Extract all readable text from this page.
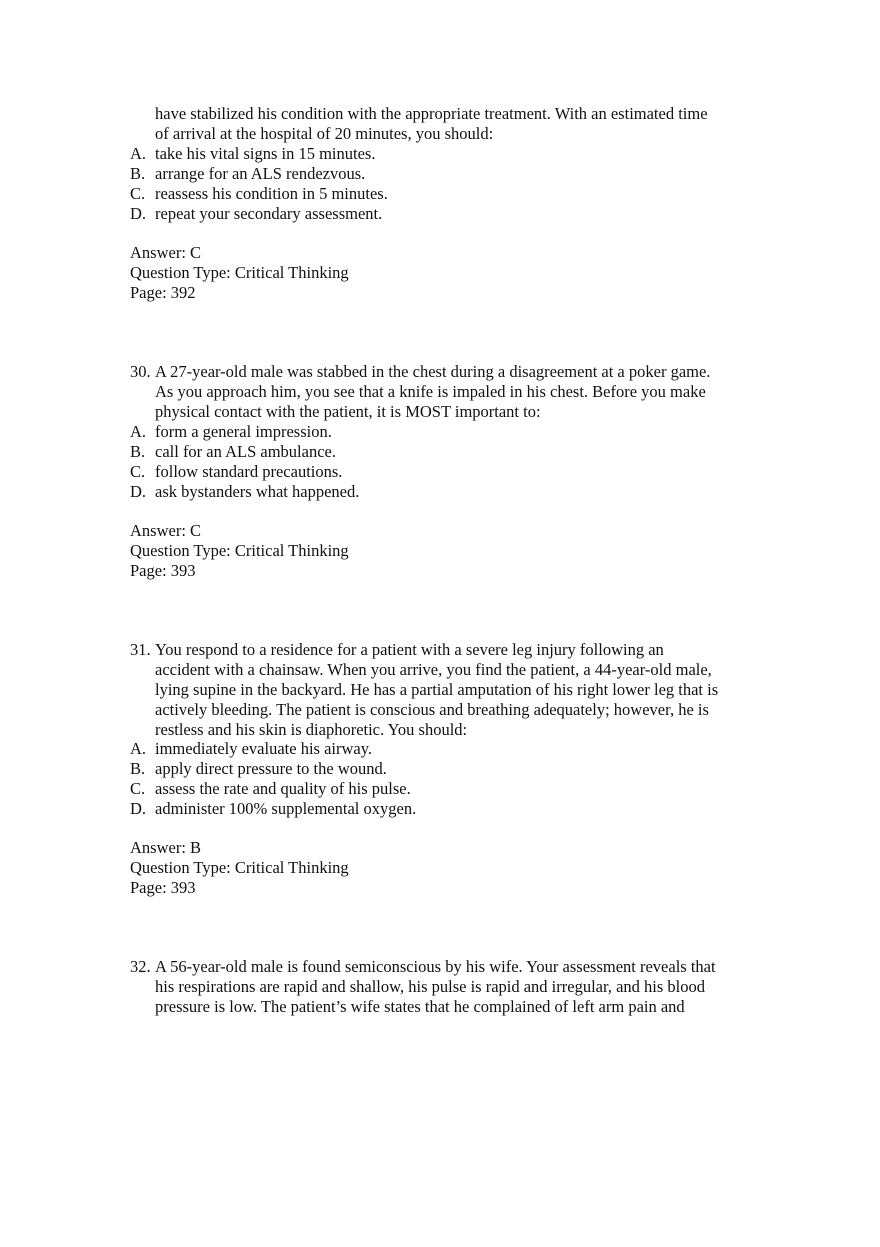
have stabilized his condition with the appropriate treatment. With an estimated time
of arrival at the hospital of 20 minutes, you should:
A. take his vital signs in 15 minutes.
B. arrange for an ALS rendezvous.
C. reassess his condition in 5 minutes.
D. repeat your secondary assessment.
Answer: C
Question Type: Critical Thinking
Page: 392
30. A 27-year-old male was stabbed in the chest during a disagreement at a poker game.
As you approach him, you see that a knife is impaled in his chest. Before you make
physical contact with the patient, it is MOST important to:
A. form a general impression.
B. call for an ALS ambulance.
C. follow standard precautions.
D. ask bystanders what happened.
Answer: C
Question Type: Critical Thinking
Page: 393
31. You respond to a residence for a patient with a severe leg injury following an
accident with a chainsaw. When you arrive, you find the patient, a 44-year-old male,
lying supine in the backyard. He has a partial amputation of his right lower leg that is
actively bleeding. The patient is conscious and breathing adequately; however, he is
restless and his skin is diaphoretic. You should:
A. immediately evaluate his airway.
B. apply direct pressure to the wound.
C. assess the rate and quality of his pulse.
D. administer 100% supplemental oxygen.
Answer: B
Question Type: Critical Thinking
Page: 393
32. A 56-year-old male is found semiconscious by his wife. Your assessment reveals that
his respirations are rapid and shallow, his pulse is rapid and irregular, and his blood
pressure is low. The patient’s wife states that he complained of left arm pain and
